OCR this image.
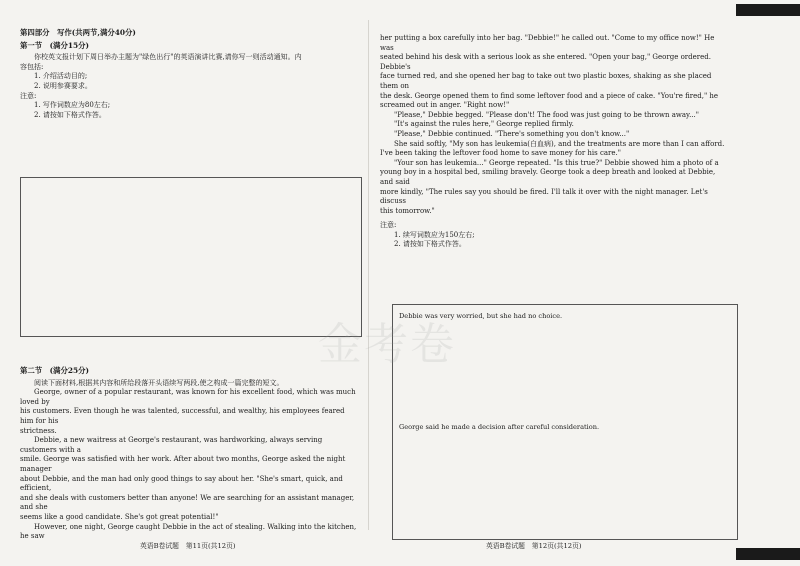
第四部分　写作(共两节,满分40分)

第一节　(满分15分)

你校英文报计划下周日举办主题为"绿色出行"的英语演讲比赛,请你写一则活动通知。内

容包括:

1. 介绍活动目的;

2. 说明参赛要求。

注意:

1. 写作词数应为80左右;

2. 请按如下格式作答。

第二节　(满分25分)

阅读下面材料,根据其内容和所给段落开头语续写两段,使之构成一篇完整的短文。

George, owner of a popular restaurant, was known for his excellent food, which was much loved by

his customers. Even though he was talented, successful, and wealthy, his employees feared him for his

strictness.

Debbie, a new waitress at George's restaurant, was hardworking, always serving customers with a

smile. George was satisfied with her work. After about two months, George asked the night manager

about Debbie, and the man had only good things to say about her. "She's smart, quick, and efficient,

and she deals with customers better than anyone! We are searching for an assistant manager, and she

seems like a good candidate. She's got great potential!"

However, one night, George caught Debbie in the act of stealing. Walking into the kitchen, he saw

英语B卷试题　第11页(共12页)

her putting a box carefully into her bag. "Debbie!" he called out. "Come to my office now!" He was

seated behind his desk with a serious look as she entered. "Open your bag," George ordered. Debbie's

face turned red, and she opened her bag to take out two plastic boxes, shaking as she placed them on

the desk. George opened them to find some leftover food and a piece of cake. "You're fired," he

screamed out in anger. "Right now!"

"Please," Debbie begged. "Please don't! The food was just going to be thrown away..."

"It's against the rules here," George replied firmly.

"Please," Debbie continued. "There's something you don't know..."

She said softly, "My son has leukemia(白血病), and the treatments are more than I can afford.

I've been taking the leftover food home to save money for his care."

"Your son has leukemia..." George repeated. "Is this true?" Debbie showed him a photo of a

young boy in a hospital bed, smiling bravely. George took a deep breath and looked at Debbie, and said

more kindly, "The rules say you should be fired. I'll talk it over with the night manager. Let's discuss

this tomorrow."

注意:

1. 续写词数应为150左右;

2. 请按如下格式作答。

Debbie was very worried, but she had no choice.
George said he made a decision after careful consideration.
金考卷
英语B卷试题　第12页(共12页)
